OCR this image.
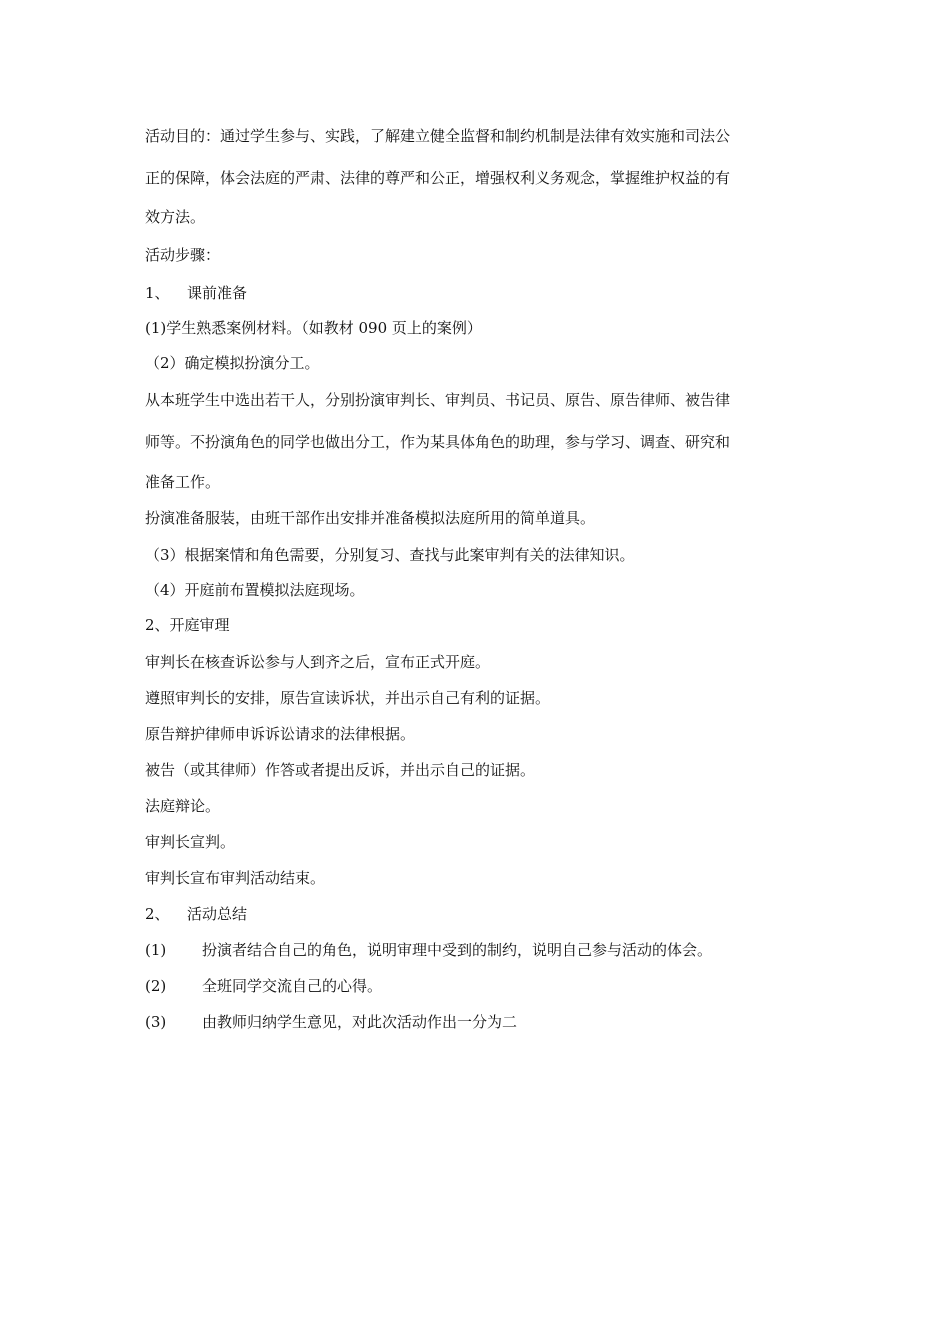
活动目的：通过学生参与、实践，了解建立健全监督和制约机制是法律有效实施和司法公
正的保障，体会法庭的严肃、法律的尊严和公正，增强权利义务观念，掌握维护权益的有
效方法。
活动步骤：
1、 课前准备
(1)学生熟悉案例材料。（如教材 090 页上的案例）
（2）确定模拟扮演分工。
从本班学生中选出若干人，分别扮演审判长、审判员、书记员、原告、原告律师、被告律
师等。不扮演角色的同学也做出分工，作为某具体角色的助理，参与学习、调查、研究和
准备工作。
扮演准备服装，由班干部作出安排并准备模拟法庭所用的简单道具。
（3）根据案情和角色需要，分别复习、查找与此案审判有关的法律知识。
（4）开庭前布置模拟法庭现场。
2、开庭审理
审判长在核查诉讼参与人到齐之后，宣布正式开庭。
遵照审判长的安排，原告宣读诉状，并出示自己有利的证据。
原告辩护律师申诉诉讼请求的法律根据。
被告（或其律师）作答或者提出反诉，并出示自己的证据。
法庭辩论。
审判长宣判。
审判长宣布审判活动结束。
2、 活动总结
(1) 扮演者结合自己的角色，说明审理中受到的制约，说明自己参与活动的体会。
(2) 全班同学交流自己的心得。
(3) 由教师归纳学生意见，对此次活动作出一分为二
